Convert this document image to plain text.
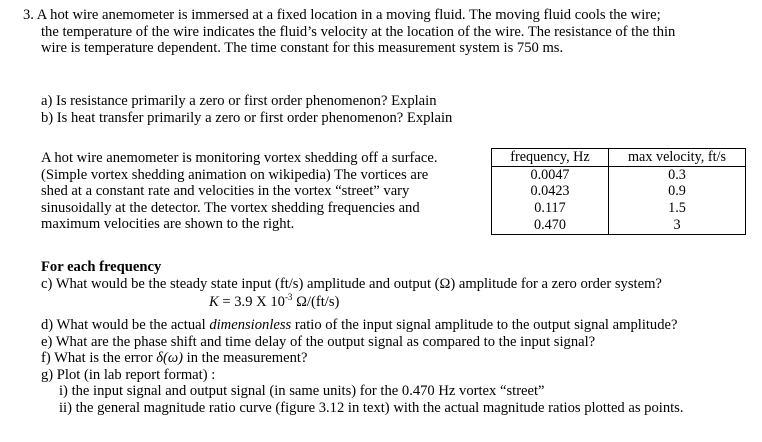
3. A hot wire anemometer is immersed at a fixed location in a moving fluid. The moving fluid cools the wire;
the temperature of the wire indicates the fluid’s velocity at the location of the wire. The resistance of the thin
wire is temperature dependent. The time constant for this measurement system is 750 ms.
a) Is resistance primarily a zero or first order phenomenon? Explain
b) Is heat transfer primarily a zero or first order phenomenon? Explain
A hot wire anemometer is monitoring vortex shedding off a surface.
(Simple vortex shedding animation on wikipedia) The vortices are
shed at a constant rate and velocities in the vortex “street” vary
sinusoidally at the detector. The vortex shedding frequencies and
maximum velocities are shown to the right.
frequency, Hz	max velocity, ft/s
0.0047	0.3
0.0423	0.9
0.117	1.5
0.470	3
For each frequency
c) What would be the steady state input (ft/s) amplitude and output (Ω) amplitude for a zero order system?
K = 3.9 X $10^{-3}$ Ω/(ft/s)
d) What would be the actual dimensionless ratio of the input signal amplitude to the output signal amplitude?
e) What are the phase shift and time delay of the output signal as compared to the input signal?
f) What is the error δ(ω) in the measurement?
g) Plot (in lab report format) :
i) the input signal and output signal (in same units) for the 0.470 Hz vortex “street”
ii) the general magnitude ratio curve (figure 3.12 in text) with the actual magnitude ratios plotted as points.
